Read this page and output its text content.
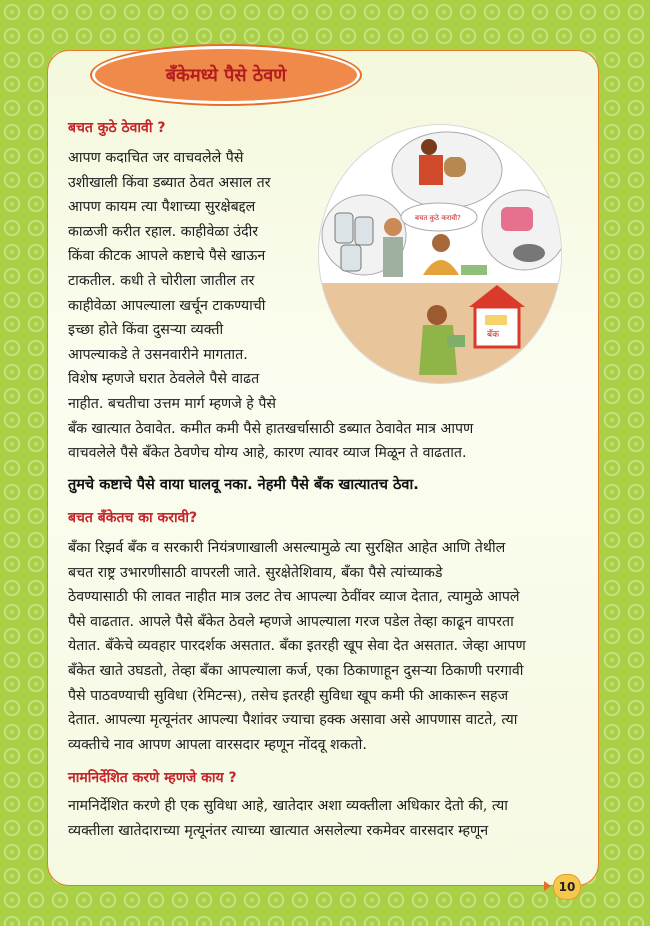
बँकेमध्ये पैसे ठेवणे
बचत कुठे ठेवावी ?
आपण कदाचित जर वाचवलेले पैसे
उशीखाली किंवा डब्यात ठेवत असाल तर
आपण कायम त्या पैशाच्या सुरक्षेबद्दल
काळजी करीत रहाल. काहीवेळा उंदीर
किंवा कीटक आपले कष्टाचे पैसे खाऊन
टाकतील. कधी ते चोरीला जातील तर
काहीवेळा आपल्याला खर्चून टाकण्याची
इच्छा होते किंवा दुसऱ्या व्यक्ती
आपल्याकडे ते उसनवारीने मागतात.
विशेष म्हणजे घरात ठेवलेले पैसे वाढत
नाहीत. बचतीचा उत्तम मार्ग म्हणजे हे पैसे
बँक खात्यात ठेवावेत. कमीत कमी पैसे हातखर्चासाठी डब्यात ठेवावेत मात्र आपण
वाचवलेले पैसे बँकेत ठेवणेच योग्य आहे, कारण त्यावर व्याज मिळून ते वाढतात.
बँक
बचत कुठे करावी?
तुमचे कष्टाचे पैसे वाया घालवू नका. नेहमी पैसे बँक खात्यातच ठेवा.
बचत बँकेतच का करावी?
बँका रिझर्व बँक व सरकारी नियंत्रणाखाली असल्यामुळे त्या सुरक्षित आहेत आणि तेथील
बचत राष्ट्र उभारणीसाठी वापरली जाते. सुरक्षेतेशिवाय, बँका पैसे त्यांच्याकडे
ठेवण्यासाठी फी लावत नाहीत मात्र उलट तेच आपल्या ठेवींवर व्याज देतात, त्यामुळे आपले
पैसे वाढतात. आपले पैसे बँकेत ठेवले म्हणजे आपल्याला गरज पडेल तेव्हा काढून वापरता
येतात. बँकेचे व्यवहार पारदर्शक असतात. बँका इतरही खूप सेवा देत असतात. जेव्हा आपण
बँकेत खाते उघडतो, तेव्हा बँका आपल्याला कर्ज, एका ठिकाणाहून दुसऱ्या ठिकाणी परगावी
पैसे पाठवण्याची सुविधा (रेमिटन्स), तसेच इतरही सुविधा खूप कमी फी आकारून सहज
देतात. आपल्या मृत्यूनंतर आपल्या पैशांवर ज्याचा हक्क असावा असे आपणास वाटते, त्या
व्यक्तीचे नाव आपण आपला वारसदार म्हणून नोंदवू शकतो.
नामनिर्देशित करणे म्हणजे काय ?
नामनिर्देशित करणे ही एक सुविधा आहे, खातेदार अशा व्यक्तीला अधिकार देतो की, त्या
व्यक्तीला खातेदाराच्या मृत्यूनंतर त्याच्या खात्यात असलेल्या रकमेवर वारसदार म्हणून
10
